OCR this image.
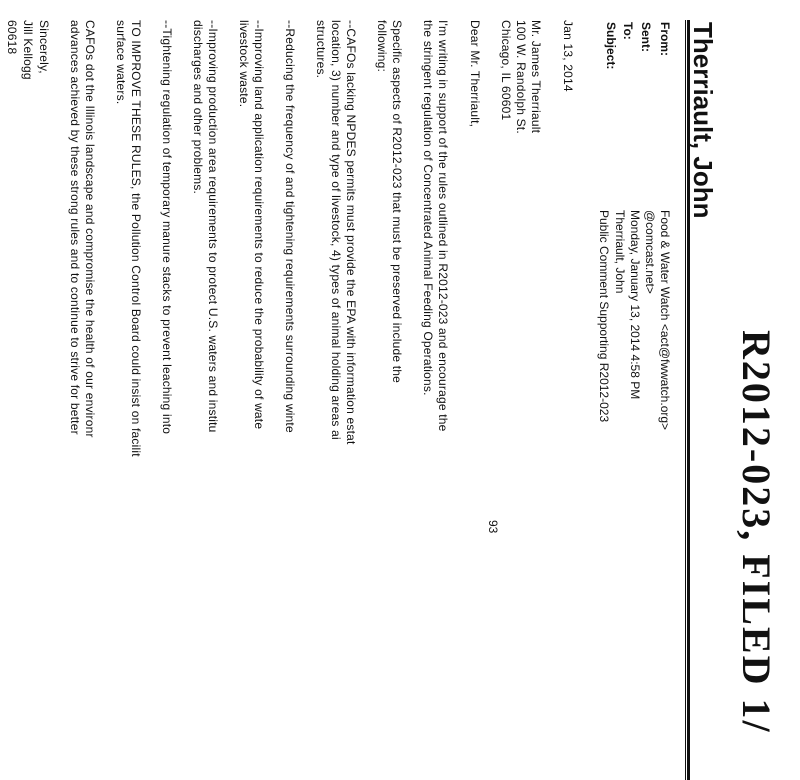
R2012-023, FILED 1/
Therriault, John
From:
Food & Water Watch <act@fwwatch.org>
@comcast.net>
Sent:
Monday, January 13, 2014 4:58 PM
To:
Therriault, John
Subject:
Public Comment Supporting R2012-023
Jan 13, 2014
Mr. James Therriault
100 W. Randolph St.
Chicago, IL 60601
Dear Mr. Therriault,
I'm writing in support of the rules outlined in R2012-023 and encourage the
the stringent regulation of Concentrated Animal Feeding Operations.
Specific aspects of R2012-023 that must be preserved include the
following:
--CAFOs lacking NPDES permits must provide the EPA with information estat
location, 3) number and type of livestock, 4) types of animal holding areas ai
structures.
--Reducing the frequency of and tightening requirements surrounding winte
--Improving land application requirements to reduce the probability of wate
livestock waste.
--Improving production area requirements to protect U.S. waters and institu
discharges and other problems.
--Tightening regulation of temporary manure stacks to prevent leaching into
TO IMPROVE THESE RULES, the Pollution Control Board could insist on facilit
surface waters.
CAFOs dot the Illinois landscape and compromise the health of our environr
advances achieved by these strong rules and to continue to strive for better
Sincerely,
Jill Kellogg
60618
93
